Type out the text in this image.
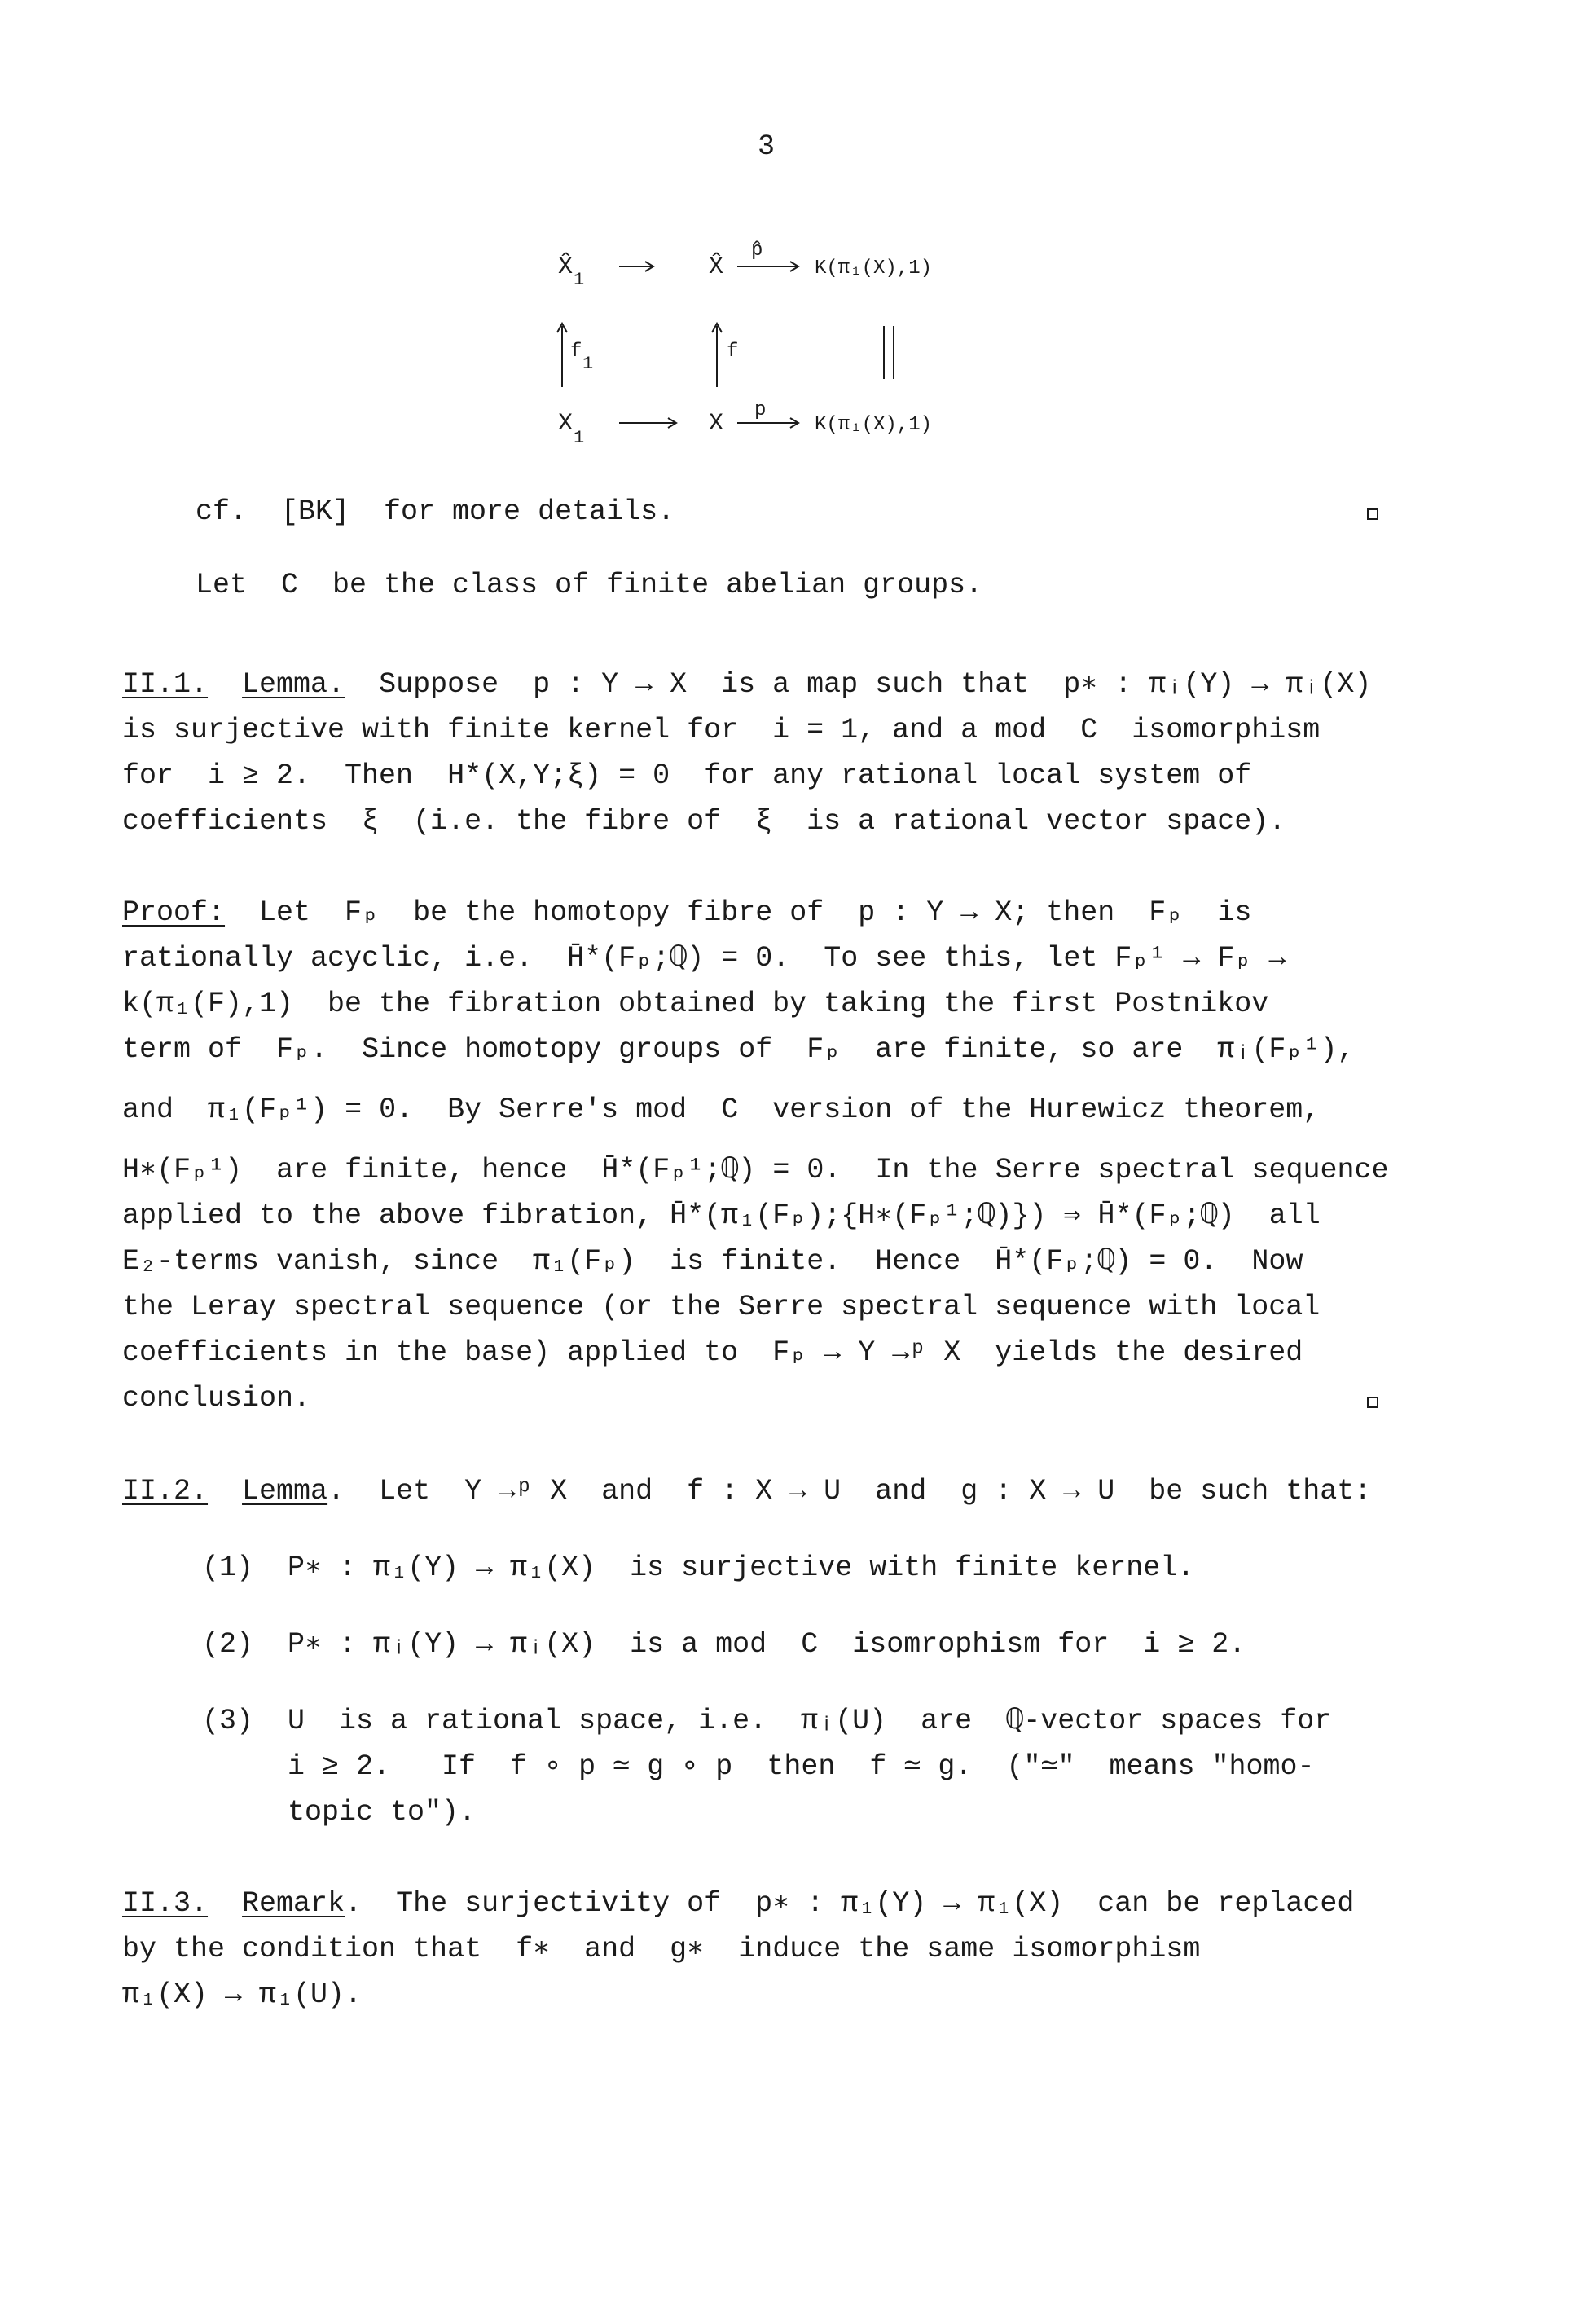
3
X̂ 1	X̂
p̂
K(π₁(X),1)
f
1
f
X
1
X p
K(π₁(X),1)
cf.  [BK]  for more details.
Let  C  be the class of finite abelian groups.
II.1. Lemma.  Suppose  p : Y → X  is a map such that  p∗ : πᵢ(Y) → πᵢ(X)
is surjective with finite kernel for  i = 1, and a mod  C  isomorphism
for  i ≥ 2.  Then  H*(X,Y;ξ) = 0  for any rational local system of
coefficients  ξ  (i.e. the fibre of  ξ  is a rational vector space).
Proof:  Let  Fₚ  be the homotopy fibre of  p : Y → X; then  Fₚ  is
rationally acyclic, i.e.  H̄*(Fₚ;ℚ) = 0.  To see this, let Fₚ¹ → Fₚ →
k(π₁(F),1)  be the fibration obtained by taking the first Postnikov
term of  Fₚ.  Since homotopy groups of  Fₚ  are finite, so are  πᵢ(Fₚ¹),
and  π₁(Fₚ¹) = 0.  By Serre's mod  C  version of the Hurewicz theorem,
H∗(Fₚ¹)  are finite, hence  H̄*(Fₚ¹;ℚ) = 0.  In the Serre spectral sequence
applied to the above fibration, H̄*(π₁(Fₚ);{H∗(Fₚ¹;ℚ)}) ⇒ H̄*(Fₚ;ℚ)  all
E₂-terms vanish, since  π₁(Fₚ)  is finite.  Hence  H̄*(Fₚ;ℚ) = 0.  Now
the Leray spectral sequence (or the Serre spectral sequence with local
coefficients in the base) applied to  Fₚ → Y →ᵖ X  yields the desired
conclusion.
II.2. Lemma.  Let  Y →ᵖ X  and  f : X → U  and  g : X → U  be such that:
(1)  P∗ : π₁(Y) → π₁(X)  is surjective with finite kernel.
(2)  P∗ : πᵢ(Y) → πᵢ(X)  is a mod  C  isomrophism for  i ≥ 2.
(3)  U  is a rational space, i.e.  πᵢ(U)  are  ℚ-vector spaces for
i ≥ 2.   If  f ∘ p ≃ g ∘ p  then  f ≃ g.  ("≃"  means "homo-
topic to").
II.3. Remark.  The surjectivity of  p∗ : π₁(Y) → π₁(X)  can be replaced
by the condition that  f∗  and  g∗  induce the same isomorphism
π₁(X) → π₁(U).
